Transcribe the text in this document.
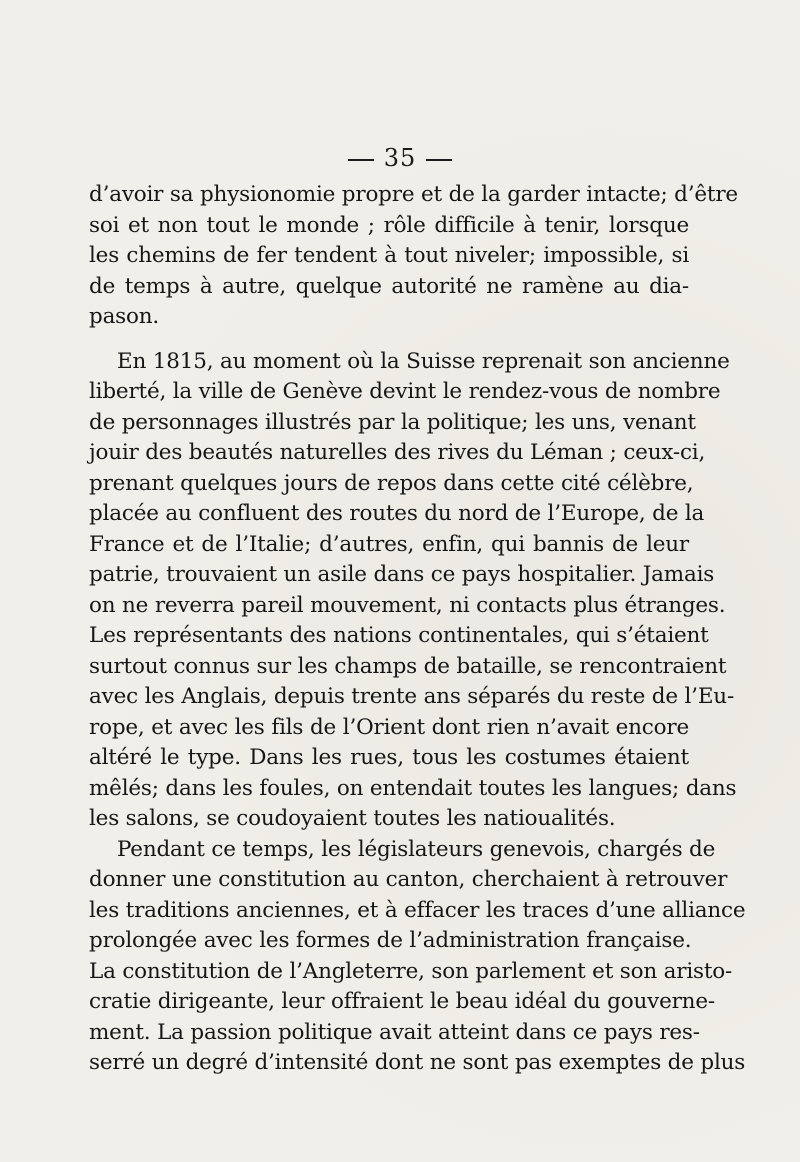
35
d’avoir sa physionomie propre et de la garder intacte; d’être
soi et non tout le monde ; rôle difficile à tenir, lorsque
les chemins de fer tendent à tout niveler; impossible, si
de temps à autre, quelque autorité ne ramène au dia-
pason.
En 1815, au moment où la Suisse reprenait son ancienne
liberté, la ville de Genève devint le rendez-vous de nombre
de personnages illustrés par la politique; les uns, venant
jouir des beautés naturelles des rives du Léman ; ceux-ci,
prenant quelques jours de repos dans cette cité célèbre,
placée au confluent des routes du nord de l’Europe, de la
France et de l’Italie; d’autres, enfin, qui bannis de leur
patrie, trouvaient un asile dans ce pays hospitalier. Jamais
on ne reverra pareil mouvement, ni contacts plus étranges.
Les représentants des nations continentales, qui s’étaient
surtout connus sur les champs de bataille, se rencontraient
avec les Anglais, depuis trente ans séparés du reste de l’Eu-
rope, et avec les fils de l’Orient dont rien n’avait encore
altéré le type. Dans les rues, tous les costumes étaient
mêlés; dans les foules, on entendait toutes les langues; dans
les salons, se coudoyaient toutes les natioualités.
Pendant ce temps, les législateurs genevois, chargés de
donner une constitution au canton, cherchaient à retrouver
les traditions anciennes, et à effacer les traces d’une alliance
prolongée avec les formes de l’administration française.
La constitution de l’Angleterre, son parlement et son aristo-
cratie dirigeante, leur offraient le beau idéal du gouverne-
ment. La passion politique avait atteint dans ce pays res-
serré un degré d’intensité dont ne sont pas exemptes de plus
